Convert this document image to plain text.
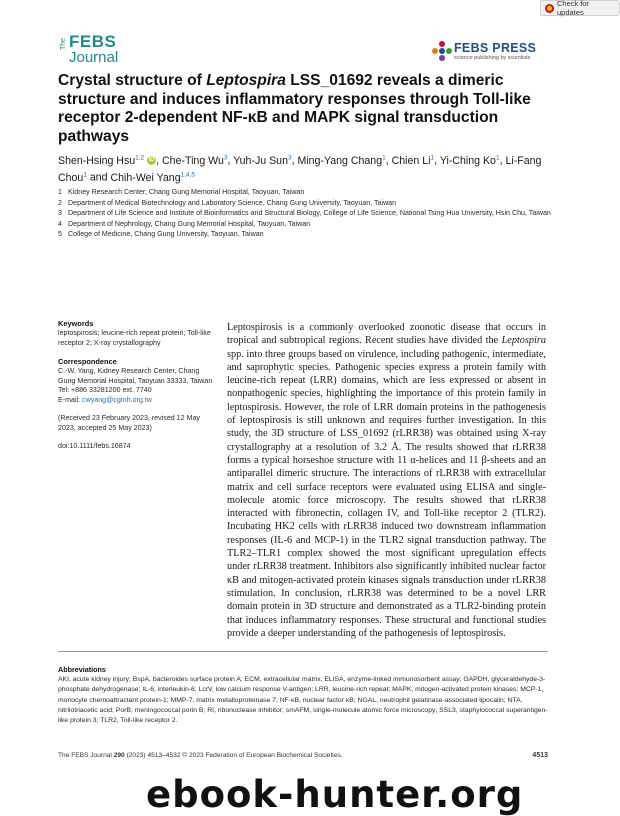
Check for updates
The FEBS
Journal
FEBS PRESS
science publishing by scientists
Crystal structure of Leptospira LSS_01692 reveals a dimeric structure and induces inflammatory responses through Toll-like receptor 2-dependent NF-κB and MAPK signal transduction pathways
Shen-Hsing Hsu$^{1,2}$ iD , Che-Ting Wu$^3$, Yuh-Ju Sun$^3$, Ming-Yang Chang$^1$, Chien Li$^1$, Yi-Ching Ko$^1$, Li-Fang Chou$^1$ and Chih-Wei Yang$^{1,4,5}$
1 Kidney Research Center, Chang Gung Memorial Hospital, Taoyuan, Taiwan
2 Department of Medical Biotechnology and Laboratory Science, Chang Gung University, Taoyuan, Taiwan
3 Department of Life Science and Institute of Bioinformatics and Structural Biology, College of Life Science, National Tsing Hua University, Hsin Chu, Taiwan
4 Department of Nephrology, Chang Gung Memorial Hospital, Taoyuan, Taiwan
5 College of Medicine, Chang Gung University, Taoyuan, Taiwan
Keywords

leptospirosis; leucine-rich repeat protein; Toll-like receptor 2; X-ray crystallography

Correspondence

C.-W. Yang, Kidney Research Center, Chang Gung Memorial Hospital, Taoyuan 33333, Taiwan

Tel: +886 33281200 ext. 7740

E-mail: cwyang@cgmh.org.tw

(Received 23 February 2023, revised 12 May 2023, accepted 25 May 2023)

doi:10.1111/febs.16874

Leptospirosis is a commonly overlooked zoonotic disease that occurs in tropical and subtropical regions. Recent studies have divided the Leptospira spp. into three groups based on virulence, including pathogenic, intermediate, and saprophytic species. Pathogenic species express a protein family with leucine-rich repeat (LRR) domains, which are less expressed or absent in nonpathogenic species, highlighting the importance of this protein family in leptospirosis. However, the role of LRR domain proteins in the pathogenesis of leptospirosis is still unknown and requires further investigation. In this study, the 3D structure of LSS_01692 (rLRR38) was obtained using X-ray crystallography at a resolution of 3.2 Å. The results showed that rLRR38 forms a typical horseshoe structure with 11 α-helices and 11 β-sheets and an antiparallel dimeric structure. The interactions of rLRR38 with extracellular matrix and cell surface receptors were evaluated using ELISA and single-molecule atomic force microscopy. The results showed that rLRR38 interacted with fibronectin, collagen IV, and Toll-like receptor 2 (TLR2). Incubating HK2 cells with rLRR38 induced two downstream inflammation responses (IL-6 and MCP-1) in the TLR2 signal transduction pathway. The TLR2–TLR1 complex showed the most significant upregulation effects under rLRR38 treatment. Inhibitors also significantly inhibited nuclear factor κB and mitogen-activated protein kinases signals transduction under rLRR38 stimulation. In conclusion, rLRR38 was determined to be a novel LRR domain protein in 3D structure and demonstrated as a TLR2-binding protein that induces inflammatory responses. These structural and functional studies provide a deeper understanding of the pathogenesis of leptospirosis.
Abbreviations

AKI, acute kidney injury; BspA, bacteroides surface protein A; ECM, extracellular matrix; ELISA, enzyme-linked immunosorbent assay; GAPDH, glyceraldehyde-3-phosphate dehydrogenase; IL-6, interleukin-6; LcrV, low calcium response V-antigen; LRR, leucine-rich repeat; MAPK, mitogen-activated protein kinases; MCP-1, monocyte chemoattractant protein-1; MMP-7, matrix metalloproteinase 7; NF-κB, nuclear factor κB; NGAL, neutrophil gelatinase-associated lipocalin; NTA, nitrilotriacetic acid; PorB, meningococcal porin B; RI, ribonuclease inhibitor; smAFM, single-molecule atomic force microscopy; SSL3, staphylococcal superantigen-like protein 3; TLR2, Toll-like receptor 2.

The FEBS Journal 290 (2023) 4513–4532 © 2023 Federation of European Biochemical Societies.	4513
ebook-hunter.org
